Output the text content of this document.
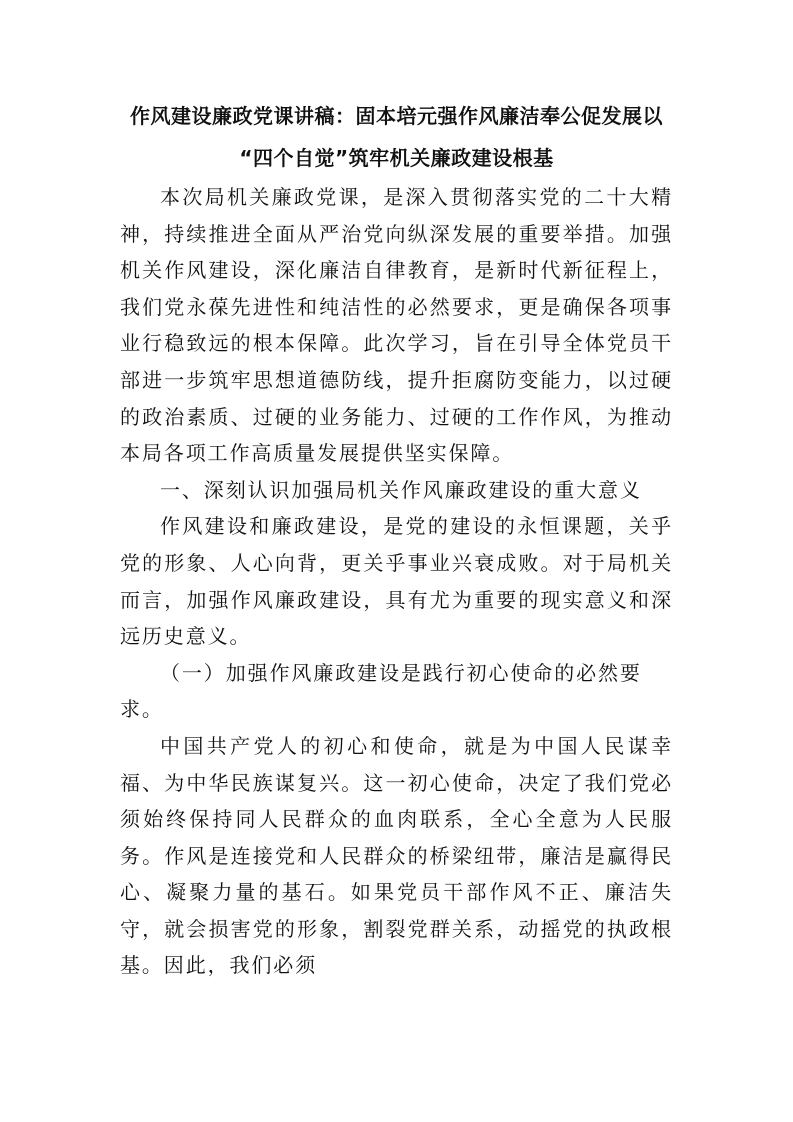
作风建设廉政党课讲稿：固本培元强作风廉洁奉公促发展以
“四个自觉”筑牢机关廉政建设根基

本次局机关廉政党课，是深入贯彻落实党的二十大精神，持续推进全面从严治党向纵深发展的重要举措。加强机关作风建设，深化廉洁自律教育，是新时代新征程上，我们党永葆先进性和纯洁性的必然要求，更是确保各项事业行稳致远的根本保障。此次学习，旨在引导全体党员干部进一步筑牢思想道德防线，提升拒腐防变能力，以过硬的政治素质、过硬的业务能力、过硬的工作作风，为推动本局各项工作高质量发展提供坚实保障。

一、深刻认识加强局机关作风廉政建设的重大意义

作风建设和廉政建设，是党的建设的永恒课题，关乎党的形象、人心向背，更关乎事业兴衰成败。对于局机关而言，加强作风廉政建设，具有尤为重要的现实意义和深远历史意义。

（一）加强作风廉政建设是践行初心使命的必然要求。

中国共产党人的初心和使命，就是为中国人民谋幸福、为中华民族谋复兴。这一初心使命，决定了我们党必须始终保持同人民群众的血肉联系，全心全意为人民服务。作风是连接党和人民群众的桥梁纽带，廉洁是赢得民心、凝聚力量的基石。如果党员干部作风不正、廉洁失守，就会损害党的形象，割裂党群关系，动摇党的执政根基。因此，我们必须
